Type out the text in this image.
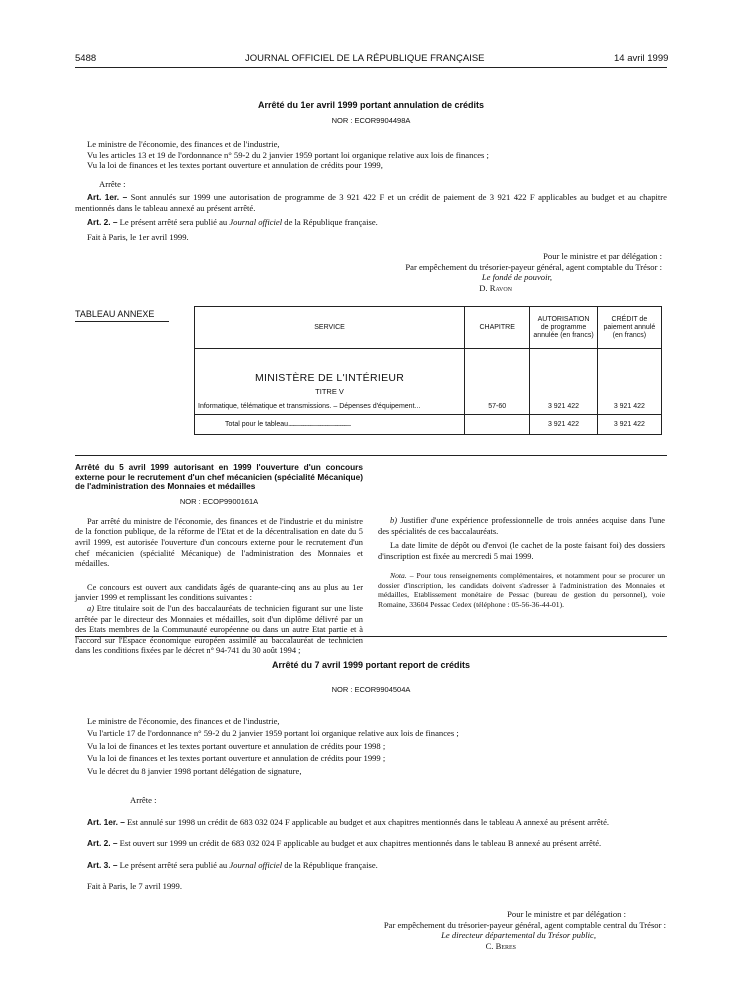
5488	JOURNAL OFFICIEL DE LA RÉPUBLIQUE FRANÇAISE	14 avril 1999
Arrêté du 1er avril 1999 portant annulation de crédits
NOR : ECOR9904498A

Le ministre de l'économie, des finances et de l'industrie,

Vu les articles 13 et 19 de l'ordonnance n° 59-2 du 2 janvier 1959 portant loi organique relative aux lois de finances ;

Vu la loi de finances et les textes portant ouverture et annulation de crédits pour 1999,

Arrête :

Art. 1er. – Sont annulés sur 1999 une autorisation de programme de 3 921 422 F et un crédit de paiement de 3 921 422 F applicables au budget et au chapitre mentionnés dans le tableau annexé au présent arrêté.

Art. 2. – Le présent arrêté sera publié au Journal officiel de la République française.

Fait à Paris, le 1er avril 1999.

Pour le ministre et par délégation :
Par empêchement du trésorier-payeur général, agent comptable du Trésor :
Le fondé de pouvoir,
D. Ravon
TABLEAU ANNEXE
SERVICE	CHAPITRE	AUTORISATION de programme annulée (en francs)	CRÉDIT de paiement annulé (en francs)

MINISTÈRE DE L'INTÉRIEUR
TITRE V
Informatique, télématique et transmissions. – Dépenses d'équipement...	57-60	3 921 422	3 921 422
Total pour le tableau..................................................................		3 921 422	3 921 422
Arrêté du 5 avril 1999 autorisant en 1999 l'ouverture d'un concours externe pour le recrutement d'un chef mécanicien (spécialité Mécanique) de l'administration des Monnaies et médailles
NOR : ECOP9900161A

Par arrêté du ministre de l'économie, des finances et de l'industrie et du ministre de la fonction publique, de la réforme de l'Etat et de la décentralisation en date du 5 avril 1999, est autorisée l'ouverture d'un concours externe pour le recrutement d'un chef mécanicien (spécialité Mécanique) de l'administration des Monnaies et médailles.

Ce concours est ouvert aux candidats âgés de quarante-cinq ans au plus au 1er janvier 1999 et remplissant les conditions suivantes :

a) Etre titulaire soit de l'un des baccalauréats de technicien figurant sur une liste arrêtée par le directeur des Monnaies et médailles, soit d'un diplôme délivré par un des Etats membres de la Communauté européenne ou dans un autre Etat partie et à l'accord sur l'Espace économique européen assimilé au baccalauréat de technicien dans les conditions fixées par le décret n° 94-741 du 30 août 1994 ;

b) Justifier d'une expérience professionnelle de trois années acquise dans l'une des spécialités de ces baccalauréats.

La date limite de dépôt ou d'envoi (le cachet de la poste faisant foi) des dossiers d'inscription est fixée au mercredi 5 mai 1999.

Nota. – Pour tous renseignements complémentaires, et notamment pour se procurer un dossier d'inscription, les candidats doivent s'adresser à l'administration des Monnaies et médailles, Etablissement monétaire de Pessac (bureau de gestion du personnel), voie Romaine, 33604 Pessac Cedex (téléphone : 05-56-36-44-01).

Arrêté du 7 avril 1999 portant report de crédits
NOR : ECOR9904504A

Le ministre de l'économie, des finances et de l'industrie,

Vu l'article 17 de l'ordonnance n° 59-2 du 2 janvier 1959 portant loi organique relative aux lois de finances ;

Vu la loi de finances et les textes portant ouverture et annulation de crédits pour 1998 ;

Vu la loi de finances et les textes portant ouverture et annulation de crédits pour 1999 ;

Vu le décret du 8 janvier 1998 portant délégation de signature,

Arrête :

Art. 1er. – Est annulé sur 1998 un crédit de 683 032 024 F applicable au budget et aux chapitres mentionnés dans le tableau A annexé au présent arrêté.

Art. 2. – Est ouvert sur 1999 un crédit de 683 032 024 F applicable au budget et aux chapitres mentionnés dans le tableau B annexé au présent arrêté.

Art. 3. – Le présent arrêté sera publié au Journal officiel de la République française.

Fait à Paris, le 7 avril 1999.

Pour le ministre et par délégation :
Par empêchement du trésorier-payeur général, agent comptable central du Trésor :
Le directeur départemental du Trésor public,
C. Beres
